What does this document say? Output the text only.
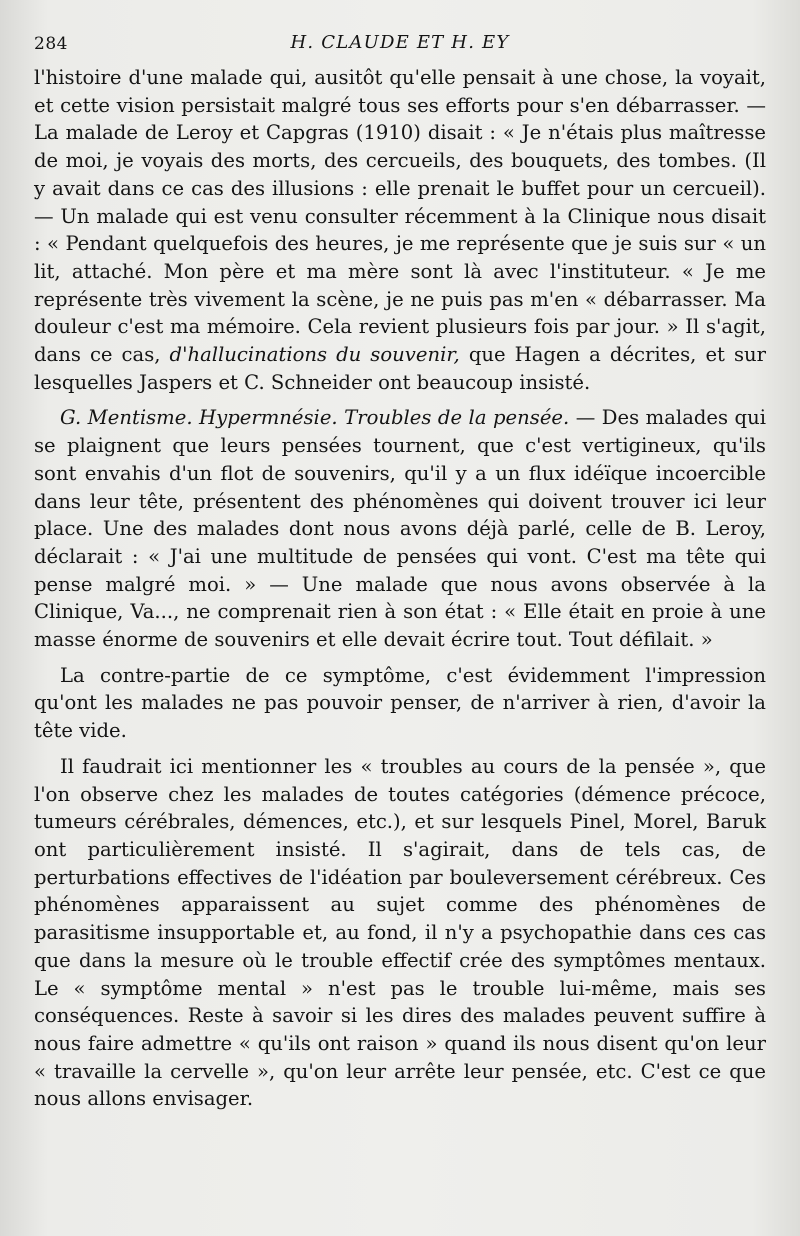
284	H. CLAUDE ET H. EY

l'histoire d'une malade qui, ausitôt qu'elle pensait à une chose, la voyait, et cette vision persistait malgré tous ses efforts pour s'en débarrasser. — La malade de Leroy et Capgras (1910) disait : « Je n'étais plus maîtresse de moi, je voyais des morts, des cercueils, des bouquets, des tombes. (Il y avait dans ce cas des illusions : elle prenait le buffet pour un cercueil). — Un malade qui est venu consulter récemment à la Clinique nous disait : « Pendant quelquefois des heures, je me représente que je suis sur « un lit, attaché. Mon père et ma mère sont là avec l'instituteur. « Je me représente très vivement la scène, je ne puis pas m'en « débarrasser. Ma douleur c'est ma mémoire. Cela revient plusieurs fois par jour. » Il s'agit, dans ce cas, d'hallucinations du souvenir, que Hagen a décrites, et sur lesquelles Jaspers et C. Schneider ont beaucoup insisté.

G. Mentisme. Hypermnésie. Troubles de la pensée. — Des malades qui se plaignent que leurs pensées tournent, que c'est vertigineux, qu'ils sont envahis d'un flot de souvenirs, qu'il y a un flux idéïque incoercible dans leur tête, présentent des phénomènes qui doivent trouver ici leur place. Une des malades dont nous avons déjà parlé, celle de B. Leroy, déclarait : « J'ai une multitude de pensées qui vont. C'est ma tête qui pense malgré moi. » — Une malade que nous avons observée à la Clinique, Va..., ne comprenait rien à son état : « Elle était en proie à une masse énorme de souvenirs et elle devait écrire tout. Tout défilait. »

La contre-partie de ce symptôme, c'est évidemment l'impression qu'ont les malades ne pas pouvoir penser, de n'arriver à rien, d'avoir la tête vide.

Il faudrait ici mentionner les « troubles au cours de la pensée », que l'on observe chez les malades de toutes catégories (démence précoce, tumeurs cérébrales, démences, etc.), et sur lesquels Pinel, Morel, Baruk ont particulièrement insisté. Il s'agirait, dans de tels cas, de perturbations effectives de l'idéation par bouleversement cérébreux. Ces phénomènes apparaissent au sujet comme des phénomènes de parasitisme insupportable et, au fond, il n'y a psychopathie dans ces cas que dans la mesure où le trouble effectif crée des symptômes mentaux. Le « symptôme mental » n'est pas le trouble lui-même, mais ses conséquences. Reste à savoir si les dires des malades peuvent suffire à nous faire admettre « qu'ils ont raison » quand ils nous disent qu'on leur « travaille la cervelle », qu'on leur arrête leur pensée, etc. C'est ce que nous allons envisager.
